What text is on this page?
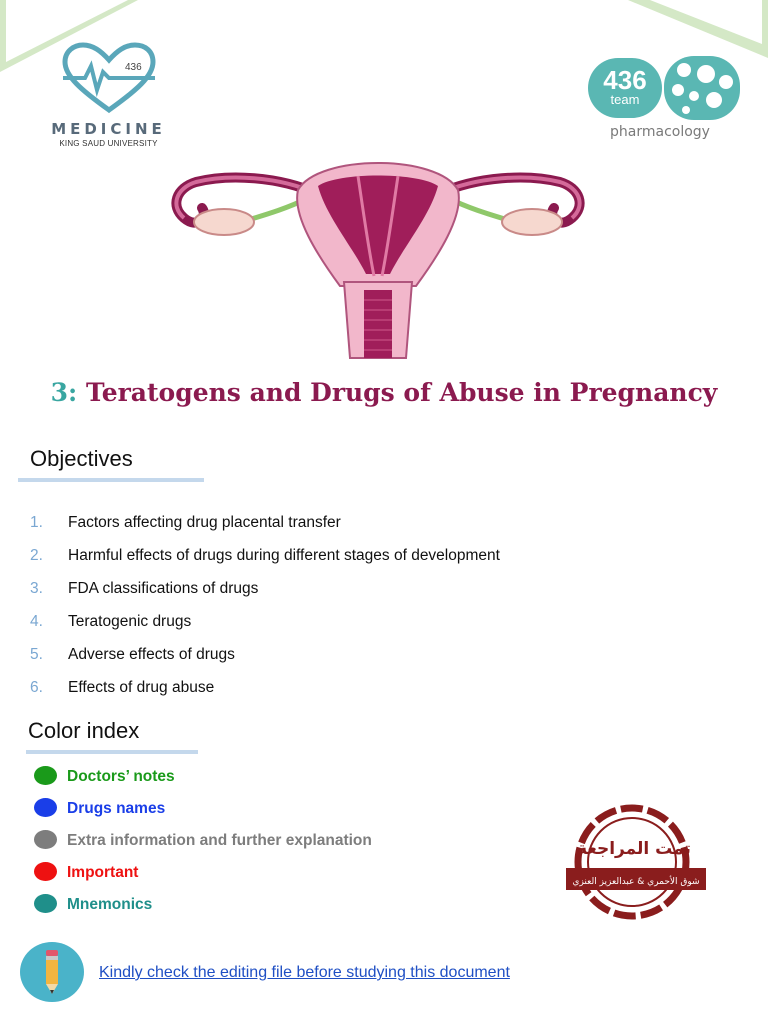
436
MEDICINE
KING SAUD UNIVERSITY
436
team
pharmacology
3: Teratogens and Drugs of Abuse in Pregnancy
Objectives
1. Factors affecting drug placental transfer
2. Harmful effects of drugs during different stages of development
3. FDA classifications of drugs
4. Teratogenic drugs
5. Adverse effects of drugs
6. Effects of drug abuse
Color index
Doctors’ notes
Drugs names
Extra information and further explanation
Important
Mnemonics
تمت المراجعة
شوق الأحمري & عبدالعزيز العنزي
Kindly check the editing file before studying this document
